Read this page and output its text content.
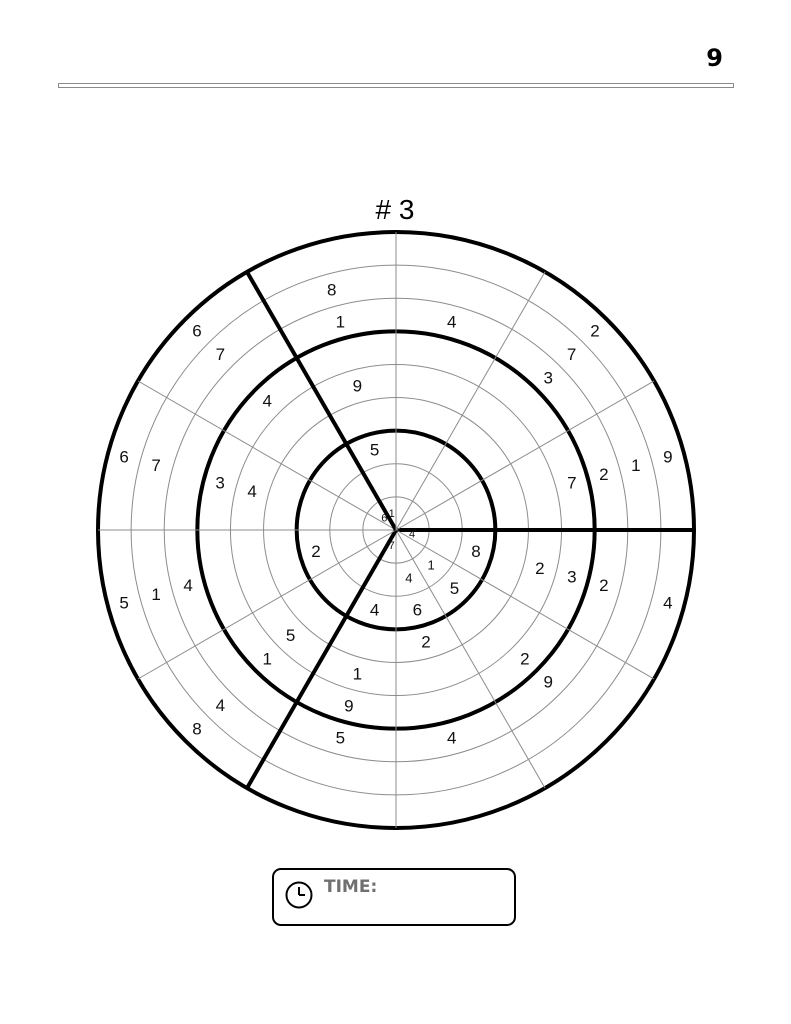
9
# 3
4
7
6 1
8
1
5
4
6
4
2
5
2
1
9
5
5
1	2
7
3
4
4
7
6
9
1
8
2
7
1 9
2
2 3 2
4
1
5
4
3
7
6
4
8
4
9
4
TIME:
